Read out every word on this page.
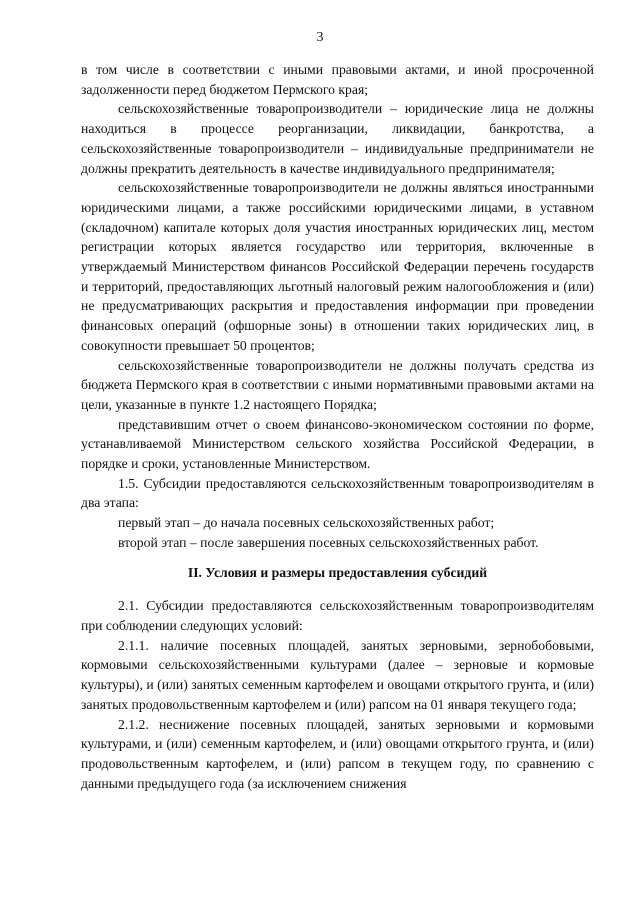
3

в том числе в соответствии с иными правовыми актами, и иной просроченной задолженности перед бюджетом Пермского края;

сельскохозяйственные товаропроизводители – юридические лица не должны находиться в процессе реорганизации, ликвидации, банкротства, а сельскохозяйственные товаропроизводители – индивидуальные предприниматели не должны прекратить деятельность в качестве индивидуального предпринимателя;

сельскохозяйственные товаропроизводители не должны являться иностранными юридическими лицами, а также российскими юридическими лицами, в уставном (складочном) капитале которых доля участия иностранных юридических лиц, местом регистрации которых является государство или территория, включенные в утверждаемый Министерством финансов Российской Федерации перечень государств и территорий, предоставляющих льготный налоговый режим налогообложения и (или) не предусматривающих раскрытия и предоставления информации при проведении финансовых операций (офшорные зоны) в отношении таких юридических лиц, в совокупности превышает 50 процентов;

сельскохозяйственные товаропроизводители не должны получать средства из бюджета Пермского края в соответствии с иными нормативными правовыми актами на цели, указанные в пункте 1.2 настоящего Порядка;

представившим отчет о своем финансово-экономическом состоянии по форме, устанавливаемой Министерством сельского хозяйства Российской Федерации, в порядке и сроки, установленные Министерством.

1.5. Субсидии предоставляются сельскохозяйственным товаропроизводителям в два этапа:

первый этап – до начала посевных сельскохозяйственных работ;

второй этап – после завершения посевных сельскохозяйственных работ.

II. Условия и размеры предоставления субсидий

2.1. Субсидии предоставляются сельскохозяйственным товаропроизводителям при соблюдении следующих условий:

2.1.1. наличие посевных площадей, занятых зерновыми, зернобобовыми, кормовыми сельскохозяйственными культурами (далее – зерновые и кормовые культуры), и (или) занятых семенным картофелем и овощами открытого грунта, и (или) занятых продовольственным картофелем и (или) рапсом на 01 января текущего года;

2.1.2. неснижение посевных площадей, занятых зерновыми и кормовыми культурами, и (или) семенным картофелем, и (или) овощами открытого грунта, и (или) продовольственным картофелем, и (или) рапсом в текущем году, по сравнению с данными предыдущего года (за исключением снижения
